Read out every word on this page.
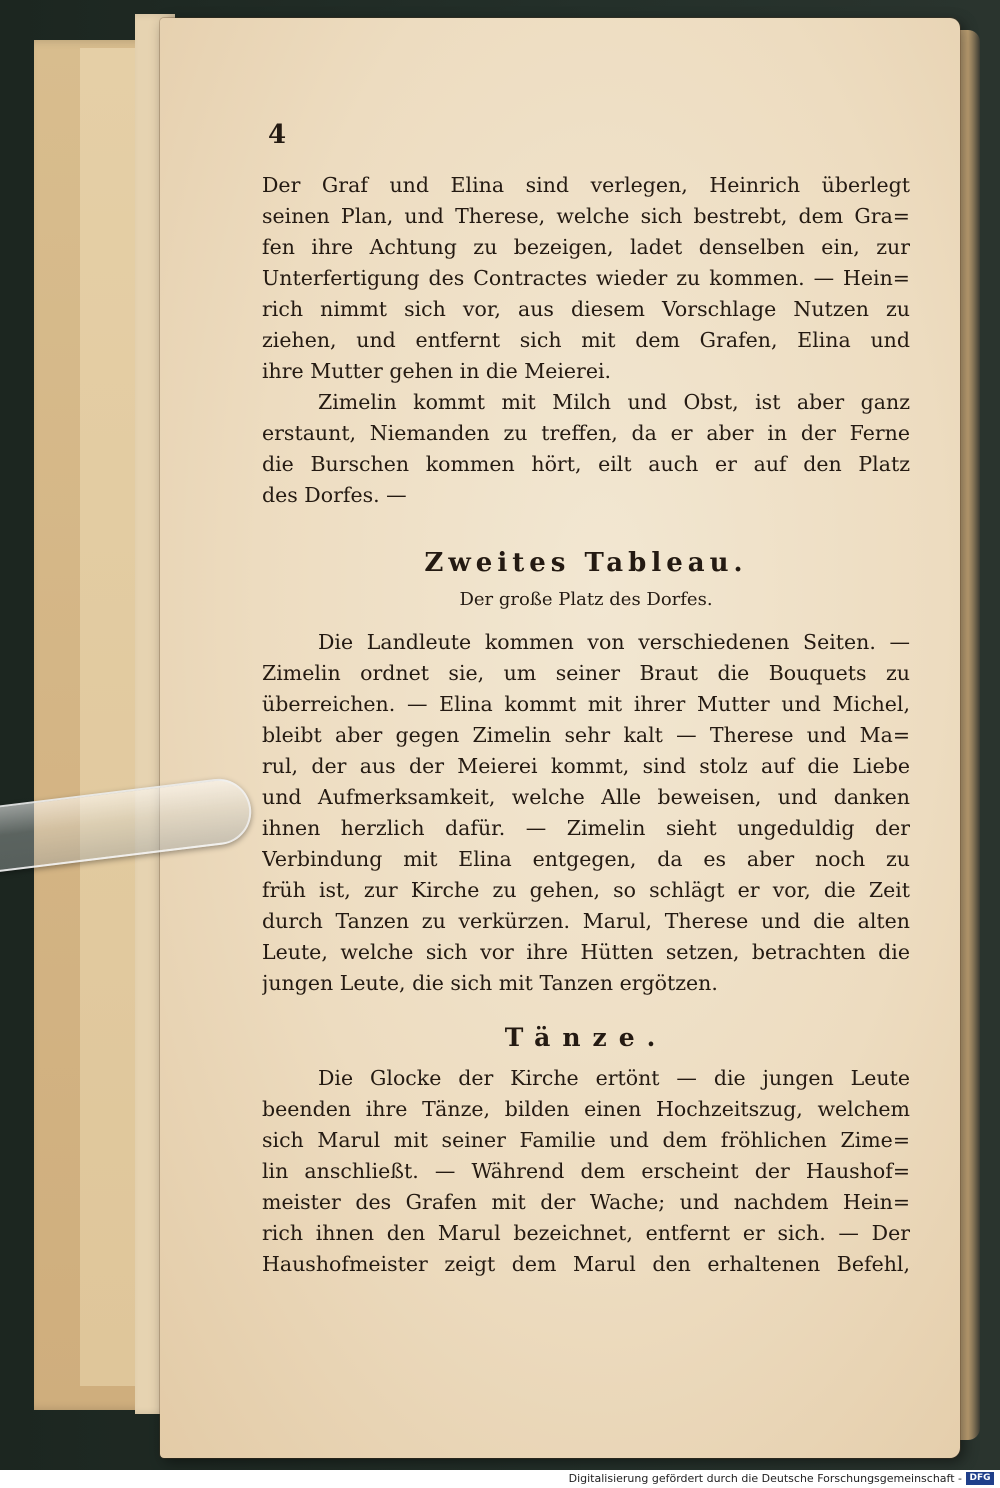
4
Der Graf und Elina sind verlegen, Heinrich überlegt
seinen Plan, und Therese, welche sich bestrebt, dem Gra=
fen ihre Achtung zu bezeigen, ladet denselben ein, zur
Unterfertigung des Contractes wieder zu kommen. — Hein=
rich nimmt sich vor, aus diesem Vorschlage Nutzen zu
ziehen, und entfernt sich mit dem Grafen, Elina und
ihre Mutter gehen in die Meierei.
Zimelin kommt mit Milch und Obst, ist aber ganz
erstaunt, Niemanden zu treffen, da er aber in der Ferne
die Burschen kommen hört, eilt auch er auf den Platz
des Dorfes. —
Zweites Tableau.
Der große Platz des Dorfes.
Die Landleute kommen von verschiedenen Seiten. —
Zimelin ordnet sie, um seiner Braut die Bouquets zu
überreichen. — Elina kommt mit ihrer Mutter und Michel,
bleibt aber gegen Zimelin sehr kalt — Therese und Ma=
rul, der aus der Meierei kommt, sind stolz auf die Liebe
und Aufmerksamkeit, welche Alle beweisen, und danken
ihnen herzlich dafür. — Zimelin sieht ungeduldig der
Verbindung mit Elina entgegen, da es aber noch zu
früh ist, zur Kirche zu gehen, so schlägt er vor, die Zeit
durch Tanzen zu verkürzen. Marul, Therese und die alten
Leute, welche sich vor ihre Hütten setzen, betrachten die
jungen Leute, die sich mit Tanzen ergötzen.
Tänze.
Die Glocke der Kirche ertönt — die jungen Leute
beenden ihre Tänze, bilden einen Hochzeitszug, welchem
sich Marul mit seiner Familie und dem fröhlichen Zime=
lin anschließt. — Während dem erscheint der Haushof=
meister des Grafen mit der Wache; und nachdem Hein=
rich ihnen den Marul bezeichnet, entfernt er sich. — Der
Haushofmeister zeigt dem Marul den erhaltenen Befehl,
Digitalisierung gefördert durch die Deutsche Forschungsgemeinschaft - DFG
